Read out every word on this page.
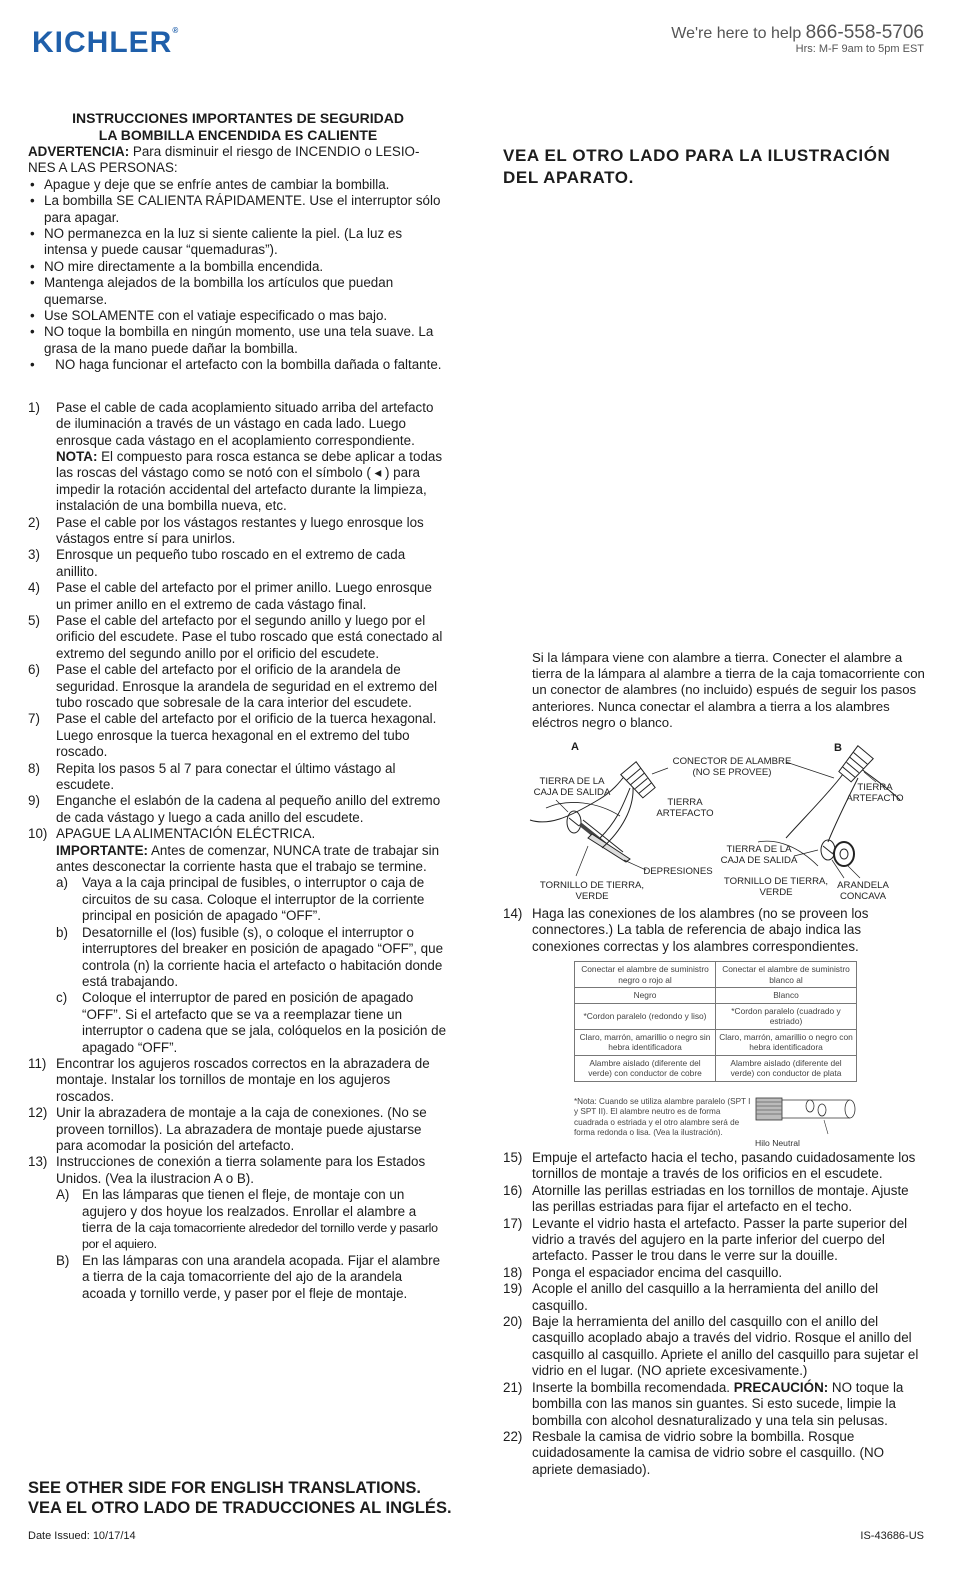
KICHLER®	We're here to help 866-558-5706
Hrs: M-F 9am to 5pm EST
INSTRUCCIONES IMPORTANTES DE SEGURIDAD
LA BOMBILLA ENCENDIDA ES CALIENTE
ADVERTENCIA: Para disminuir el riesgo de INCENDIO o LESIO- NES A LAS PERSONAS:
• Apague y deje que se enfríe antes de cambiar la bombilla.
• La bombilla SE CALIENTA RÁPIDAMENTE. Use el interruptor sólo para apagar.
• NO permanezca en la luz si siente caliente la piel. (La luz es intensa y puede causar “quemaduras”).
• NO mire directamente a la bombilla encendida.
• Mantenga alejados de la bombilla los artículos que puedan quemarse.
• Use SOLAMENTE con el vatiaje especificado o mas bajo.
• NO toque la bombilla en ningún momento, use una tela suave. La grasa de la mano puede dañar la bombilla.
•    NO haga funcionar el artefacto con la bombilla dañada o faltante.
1) Pase el cable de cada acoplamiento situado arriba del artefacto de iluminación a través de un vástago en cada lado. Luego enrosque cada vástago en el acoplamiento correspondiente. NOTA: El compuesto para rosca estanca se debe aplicar a todas las roscas del vástago como se notó con el símbolo ( ◂ ) para impedir la rotación accidental del artefacto durante la limpieza, instalación de una bombilla nueva, etc.
2) Pase el cable por los vástagos restantes y luego enrosque los vástagos entre sí para unirlos.
3) Enrosque un pequeño tubo roscado en el extremo de cada anillito.
4) Pase el cable del artefacto por el primer anillo. Luego enrosque un primer anillo en el extremo de cada vástago final.
5) Pase el cable del artefacto por el segundo anillo y luego por el orificio del escudete. Pase el tubo roscado que está conectado al extremo del segundo anillo por el orificio del escudete.
6) Pase el cable del artefacto por el orificio de la arandela de seguridad. Enrosque la arandela de seguridad en el extremo del tubo roscado que sobresale de la cara interior del escudete.
7) Pase el cable del artefacto por el orificio de la tuerca hexagonal. Luego enrosque la tuerca hexagonal en el extremo del tubo roscado.
8) Repita los pasos 5 al 7 para conectar el último vástago al escudete.
9) Enganche el eslabón de la cadena al pequeño anillo del extremo de cada vástago y luego a cada anillo del escudete.
10) APAGUE LA ALIMENTACIÓN ELÉCTRICA.
IMPORTANTE: Antes de comenzar, NUNCA trate de trabajar sin antes desconectar la corriente hasta que el trabajo se termine.
a) Vaya a la caja principal de fusibles, o interruptor o caja de circuitos de su casa. Coloque el interruptor de la corriente principal en posición de apagado “OFF”.
b) Desatornille el (los) fusible (s), o coloque el interruptor o interruptores del breaker en posición de apagado “OFF”, que controla (n) la corriente hacia el artefacto o habitación donde está trabajando.
c) Coloque el interruptor de pared en posición de apagado “OFF”. Si el artefacto que se va a reemplazar tiene un interruptor o cadena que se jala, colóquelos en la posición de apagado “OFF”.
11) Encontrar los agujeros roscados correctos en la abrazadera de montaje. Instalar los tornillos de montaje en los agujeros roscados.
12) Unir la abrazadera de montaje a la caja de conexiones. (No se proveen tornillos). La abrazadera de montaje puede ajustarse para acomodar la posición del artefacto.
13) Instrucciones de conexión a tierra solamente para los Estados Unidos. (Vea la ilustracion A o B).
A) En las lámparas que tienen el fleje, de montaje con un agujero y dos hoyue los realzados. Enrollar el alambre a tierra de la caja tomacorriente alrededor del tornillo verde y pasarlo por el aquiero.
B) En las lámparas con una arandela acopada. Fijar el alambre a tierra de la caja tomacorriente del ajo de la arandela acoada y tornillo verde, y paser por el fleje de montaje.
SEE OTHER SIDE FOR ENGLISH TRANSLATIONS.
VEA EL OTRO LADO DE TRADUCCIONES AL INGLÉS.
Date Issued: 10/17/14	IS-43686-US
VEA EL OTRO LADO PARA LA ILUSTRACIÓN DEL APARATO.
Si la lámpara viene con alambre a tierra. Conecter el alambre a tierra de la lámpara al alambre a tierra de la caja tomacorriente con un conector de alambres (no incluido) espués de seguir los pasos anteriores. Nunca conectar el alambra a tierra a los alambres eléctros negro o blanco.
A	B
CONECTOR DE ALAMBRE
(NO SE PROVEE)
TIERRA DE LA
CAJA DE SALIDA
TIERRA
ARTEFACTO
DEPRESIONES
TORNILLO DE TIERRA,
VERDE
TIERRA
ARTEFACTO
TIERRA DE LA
CAJA DE SALIDA
TORNILLO DE TIERRA,
VERDE
ARANDELA
CONCAVA
14) Haga las conexiones de los alambres (no se proveen los connectores.) La tabla de referencia de abajo indica las conexiones correctas y los alambres correspondientes.
Conectar el alambre de suministro negro o rojo al	Conectar el alambre de suministro blanco al
Negro	Blanco
*Cordon paralelo (redondo y liso)	*Cordon paralelo (cuadrado y estriado)
Claro, marrón, amarillio o negro sin hebra identificadora	Claro, marrón, amarillio o negro con hebra identificadora
Alambre aislado (diferente del verde) con conductor de cobre	Alambre aislado (diferente del verde) con conductor de plata
*Nota: Cuando se utiliza alambre paralelo (SPT I y SPT II). El alambre neutro es de forma cuadrada o estriada y el otro alambre será de forma redonda o lisa. (Vea la ilustración).
Hilo Neutral
15) Empuje el artefacto hacia el techo, pasando cuidadosamente los tornillos de montaje a través de los orificios en el escudete.
16) Atornille las perillas estriadas en los tornillos de montaje. Ajuste las perillas estriadas para fijar el artefacto en el techo.
17) Levante el vidrio hasta el artefacto. Passer la parte superior del vidrio a través del agujero en la parte inferior del cuerpo del artefacto. Passer le trou dans le verre sur la douille.
18) Ponga el espaciador encima del casquillo.
19) Acople el anillo del casquillo a la herramienta del anillo del casquillo.
20) Baje la herramienta del anillo del casquillo con el anillo del casquillo acoplado abajo a través del vidrio. Rosque el anillo del casquillo al casquillo. Apriete el anillo del casquillo para sujetar el vidrio en el lugar. (NO apriete excesivamente.)
21) Inserte la bombilla recomendada. PRECAUCIÓN: NO toque la bombilla con las manos sin guantes. Si esto sucede, limpie la bombilla con alcohol desnaturalizado y una tela sin pelusas.
22) Resbale la camisa de vidrio sobre la bombilla. Rosque cuidadosamente la camisa de vidrio sobre el casquillo. (NO apriete demasiado).
